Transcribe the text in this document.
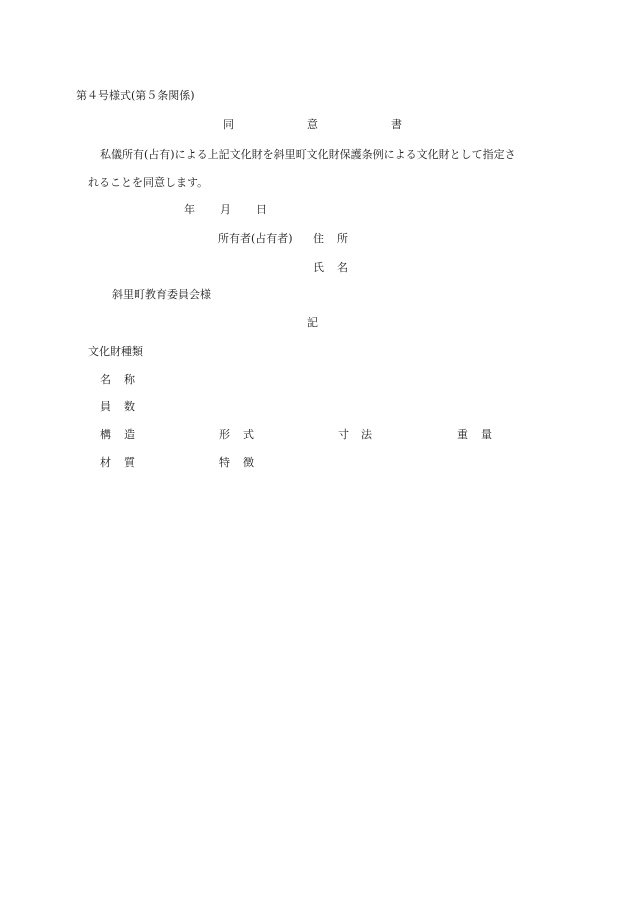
第４号様式(第５条関係)
同	意	書
私儀所有(占有)による上記文化財を斜里町文化財保護条例による文化財として指定さ
れることを同意します。
年 月 日
所有者(占有者) 住 所
氏 名
斜里町教育委員会様
記
文化財種類
名 称
員 数
構 造	形 式	寸 法	重 量
材 質	特 徴
